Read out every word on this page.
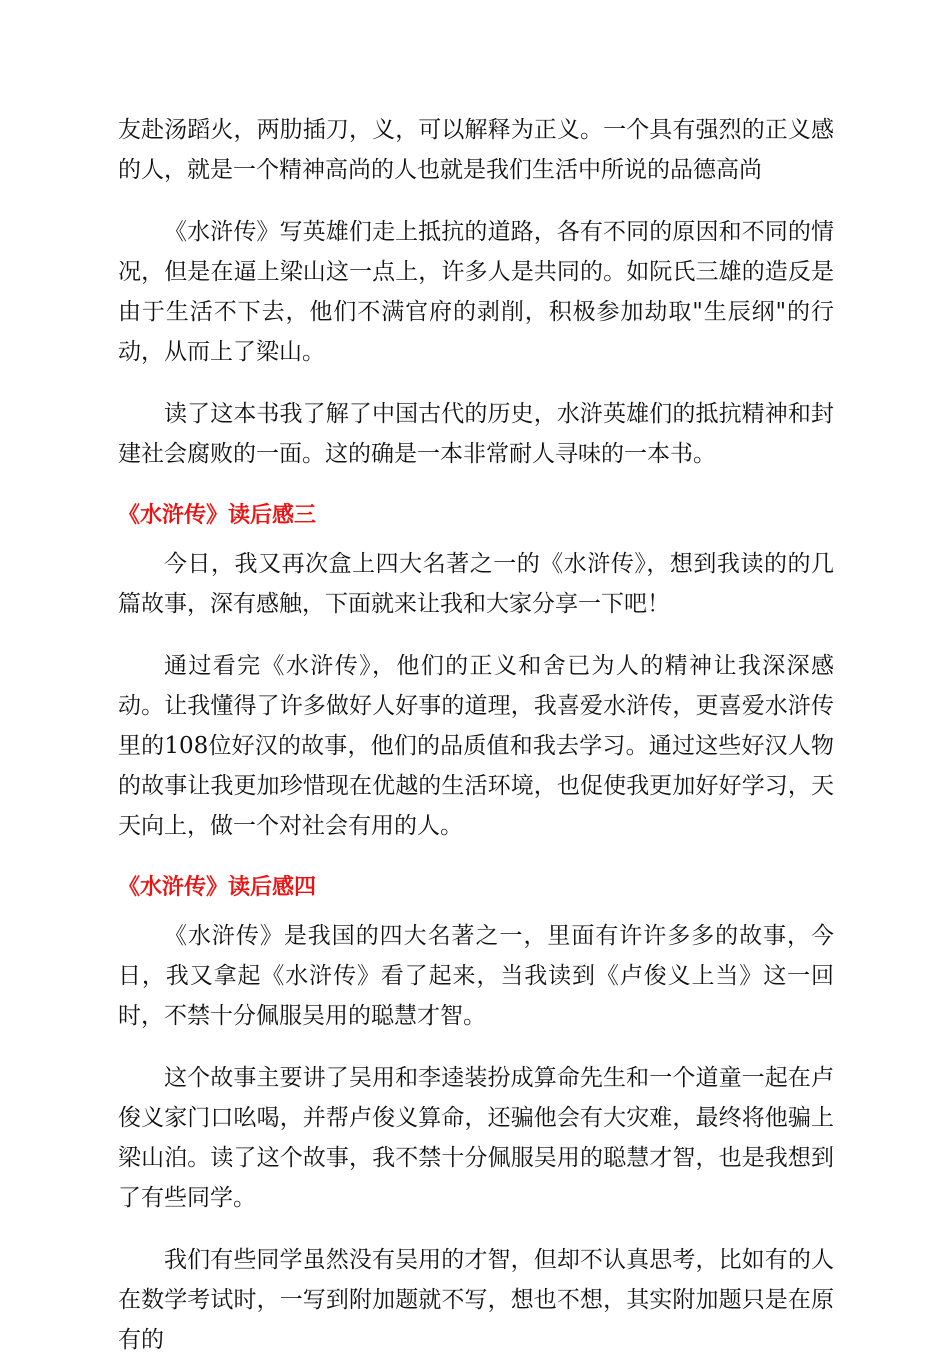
友赴汤蹈火，两肋插刀，义，可以解释为正义。一个具有强烈的正义感的人，就是一个精神高尚的人也就是我们生活中所说的品德高尚

《水浒传》写英雄们走上抵抗的道路，各有不同的原因和不同的情况，但是在逼上梁山这一点上，许多人是共同的。如阮氏三雄的造反是由于生活不下去，他们不满官府的剥削，积极参加劫取"生辰纲"的行动，从而上了梁山。

读了这本书我了解了中国古代的历史，水浒英雄们的抵抗精神和封建社会腐败的一面。这的确是一本非常耐人寻味的一本书。

《水浒传》读后感三

今日，我又再次盒上四大名著之一的《水浒传》，想到我读的的几篇故事，深有感触，下面就来让我和大家分享一下吧！

通过看完《水浒传》，他们的正义和舍已为人的精神让我深深感动。让我懂得了许多做好人好事的道理，我喜爱水浒传，更喜爱水浒传里的108位好汉的故事，他们的品质值和我去学习。通过这些好汉人物的故事让我更加珍惜现在优越的生活环境，也促使我更加好好学习，天天向上，做一个对社会有用的人。

《水浒传》读后感四

《水浒传》是我国的四大名著之一，里面有许许多多的故事，今日，我又拿起《水浒传》看了起来，当我读到《卢俊义上当》这一回时，不禁十分佩服吴用的聪慧才智。

这个故事主要讲了吴用和李逵装扮成算命先生和一个道童一起在卢俊义家门口吆喝，并帮卢俊义算命，还骗他会有大灾难，最终将他骗上梁山泊。读了这个故事，我不禁十分佩服吴用的聪慧才智，也是我想到了有些同学。

我们有些同学虽然没有吴用的才智，但却不认真思考，比如有的人在数学考试时，一写到附加题就不写，想也不想，其实附加题只是在原有的
